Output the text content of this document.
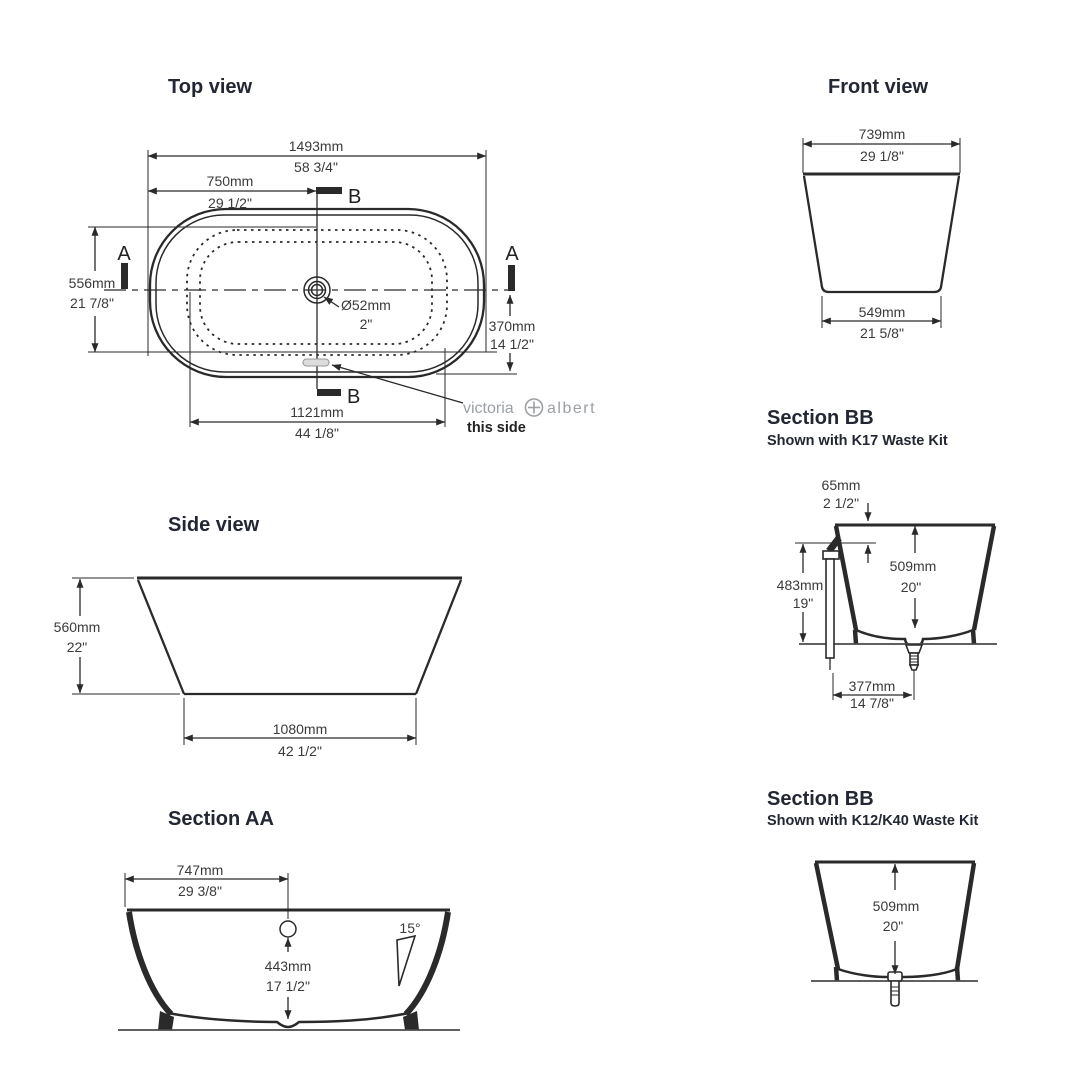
Top view
B
B
A	A
1493mm
58 3/4"
750mm
29 1/2"
556mm
21 7/8"	Ø52mm
2"	370mm
14 1/2"
1121mm
44 1/8"
victoria albert
this side
Front view
739mm
29 1/8"
549mm
21 5/8"
Side view
560mm
22"
1080mm
42 1/2"
Section AA
747mm
29 3/8"
443mm
17 1/2"
15°
Section BB
Shown with K17 Waste Kit
65mm
2 1/2"
483mm
19"
509mm
20"
377mm
14 7/8"
Section BB
Shown with K12/K40 Waste Kit
509mm
20"
